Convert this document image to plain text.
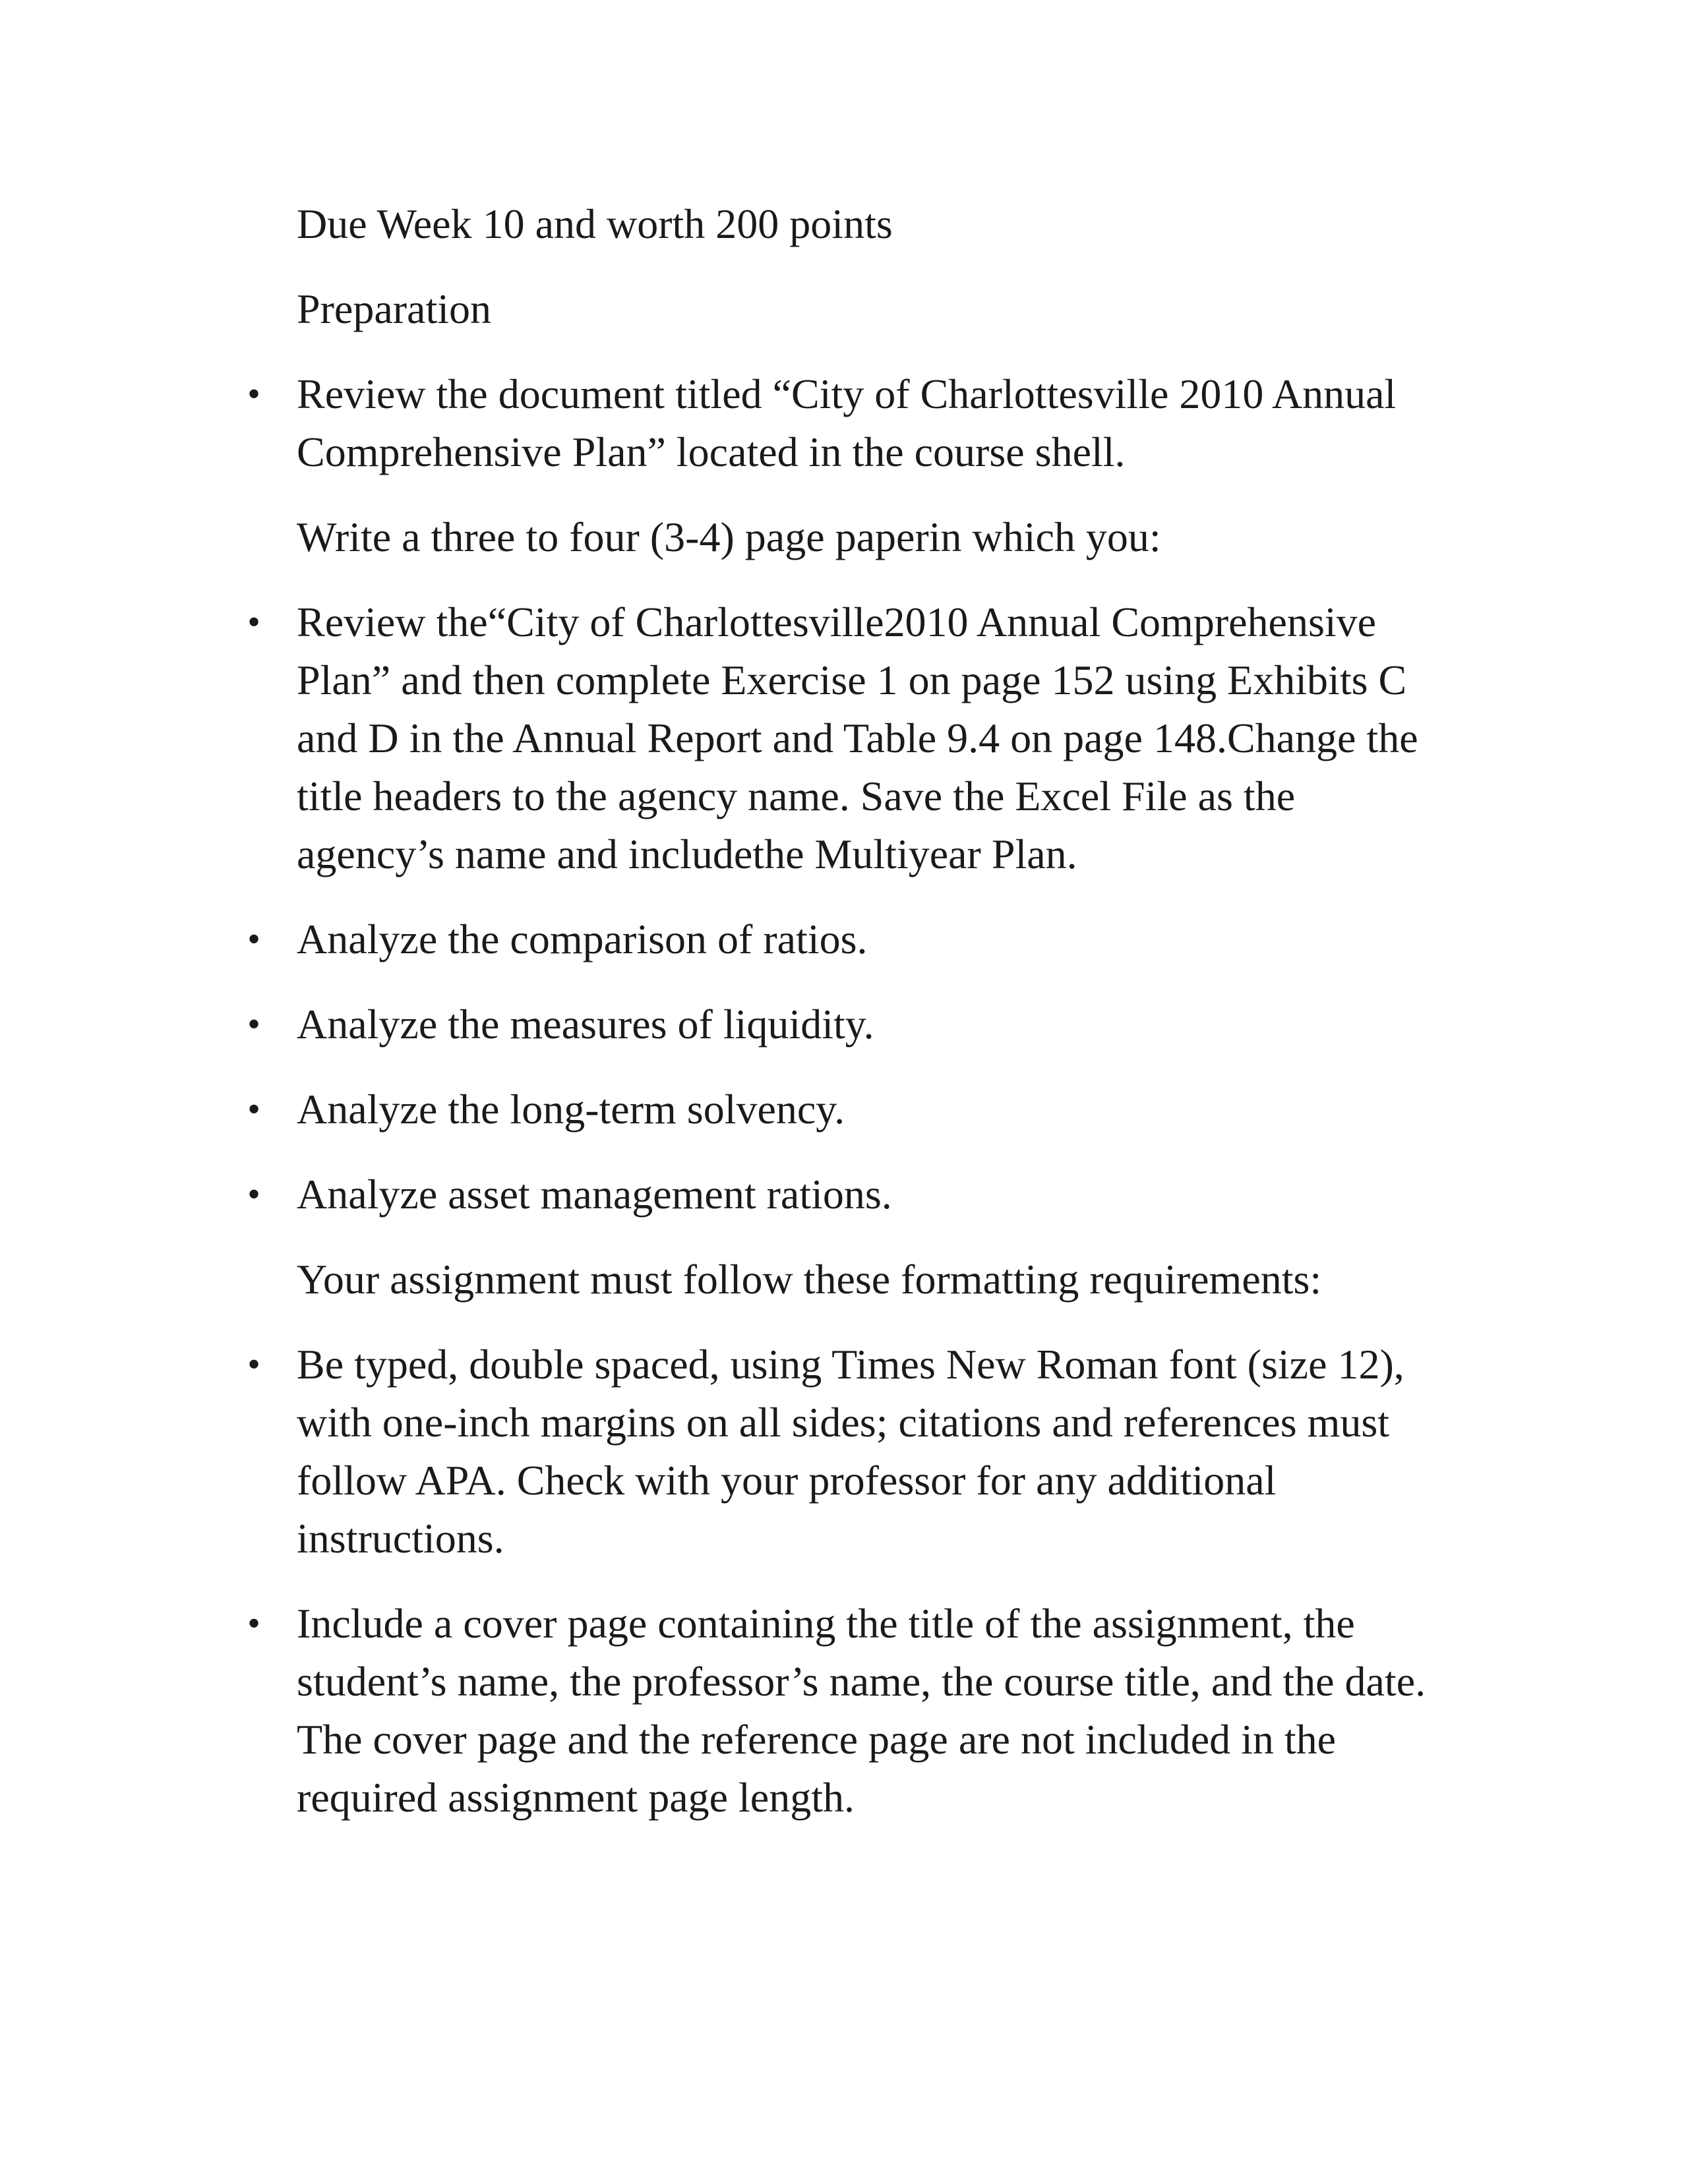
Due Week 10 and worth 200 points

Preparation

• Review the document titled “City of Charlottesville 2010 Annual
Comprehensive Plan” located in the course shell.

Write a three to four (3-4) page paperin which you:

• Review the“City of Charlottesville2010 Annual Comprehensive
Plan” and then complete Exercise 1 on page 152 using Exhibits C
and D in the Annual Report and Table 9.4 on page 148.Change the
title headers to the agency name. Save the Excel File as the
agency’s name and includethe Multiyear Plan.
• Analyze the comparison of ratios.
• Analyze the measures of liquidity.
• Analyze the long-term solvency.
• Analyze asset management rations.

Your assignment must follow these formatting requirements:

• Be typed, double spaced, using Times New Roman font (size 12),
with one-inch margins on all sides; citations and references must
follow APA. Check with your professor for any additional
instructions.
• Include a cover page containing the title of the assignment, the
student’s name, the professor’s name, the course title, and the date.
The cover page and the reference page are not included in the
required assignment page length.
